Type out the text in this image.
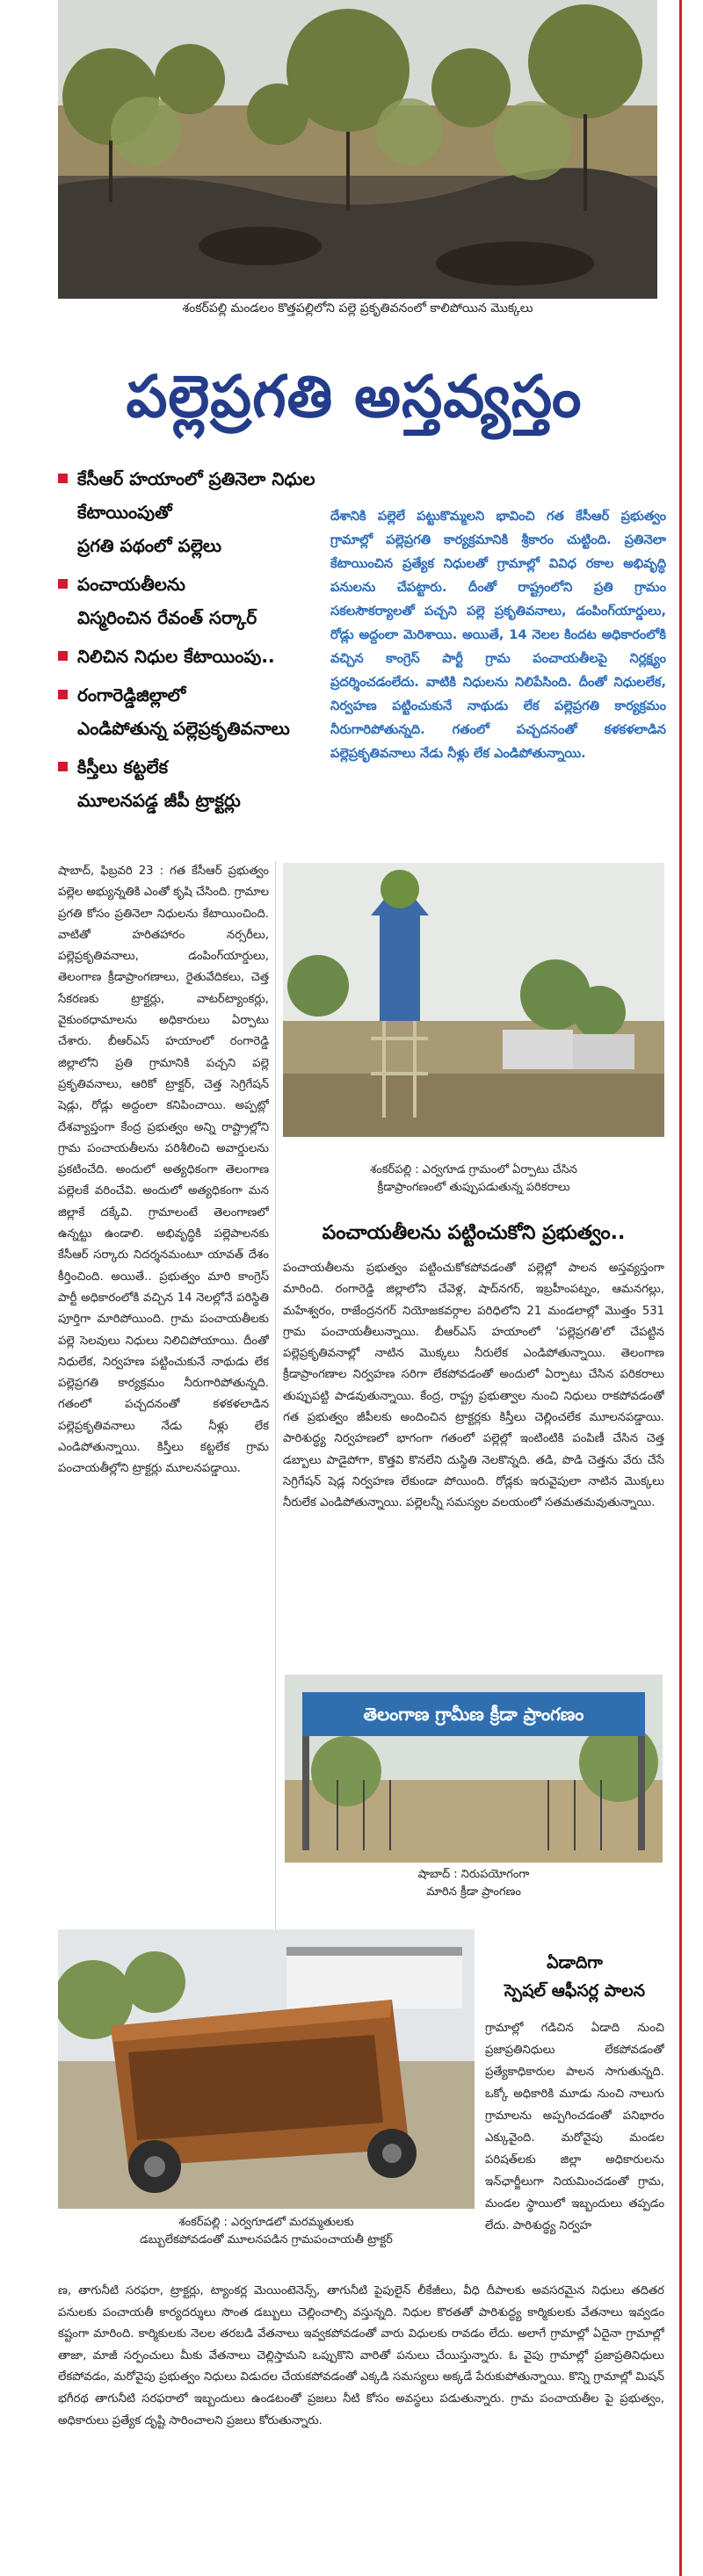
శంకర్‌పల్లి మండలం కొత్తపల్లిలోని పల్లె ప్రకృతివనంలో కాలిపోయిన మొక్కలు
పల్లెప్రగతి అస్తవ్యస్తం
కేసీఆర్ హయాంలో ప్రతినెలా నిధుల కేటాయింపుతో
ప్రగతి పథంలో పల్లెలు
పంచాయతీలను
విస్మరించిన రేవంత్ సర్కార్
నిలిచిన నిధుల కేటాయింపు..
రంగారెడ్డిజిల్లాలో
ఎండిపోతున్న పల్లెప్రకృతివనాలు
కిస్తీలు కట్టలేక
మూలనపడ్డ జీపీ ట్రాక్టర్లు
దేశానికి పల్లెలే పట్టుకొమ్మలని భావించి గత కేసీఆర్ ప్రభుత్వం గ్రామాల్లో పల్లెప్రగతి కార్యక్రమానికి శ్రీకారం చుట్టింది. ప్రతినెలా కేటాయించిన ప్రత్యేక నిధులతో గ్రామాల్లో వివిధ రకాల అభివృద్ధి పనులను చేపట్టారు. దీంతో రాష్ట్రంలోని ప్రతి గ్రామం సకలసౌకర్యాలతో పచ్చని పల్లె ప్రకృతివనాలు, డంపింగ్‌యార్డులు, రోడ్లు అద్దంలా మెరిశాయి. అయితే, 14 నెలల కిందట అధికారంలోకి వచ్చిన కాంగ్రెస్ పార్టీ గ్రామ పంచాయతీలపై నిర్లక్ష్యం ప్రదర్శించడంలేదు. వాటికి నిధులను నిలిపేసింది. దీంతో నిధులలేక, నిర్వహణ పట్టించుకునే నాథుడు లేక పల్లెప్రగతి కార్యక్రమం నీరుగారిపోతున్నది. గతంలో పచ్చదనంతో కళకళలాడిన పల్లెప్రకృతివనాలు నేడు నీళ్లు లేక ఎండిపోతున్నాయి.

షాబాద్, ఫిబ్రవరి 23 : గత కేసీఆర్ ప్రభుత్వం పల్లెల అభ్యున్నతికి ఎంతో కృషి చేసింది. గ్రామాల ప్రగతి కోసం ప్రతినెలా నిధులను కేటాయించింది. వాటితో హరితహారం నర్సరీలు, పల్లెప్రకృతివనాలు, డంపింగ్‌యార్డులు, తెలంగాణ క్రీడాప్రాంగణాలు, రైతువేదికలు, చెత్త సేకరణకు ట్రాక్టర్లు, వాటర్‌ట్యాంకర్లు, వైకుంఠధామాలను అధికారులు ఏర్పాటు చేశారు. బీఆర్‌ఎస్ హయాంలో రంగారెడ్డి జిల్లాలోని ప్రతి గ్రామానికి పచ్చని పల్లె ప్రకృతివనాలు, ఆరికో ట్రాక్టర్, చెత్త సెగ్రిగేషన్ షెడ్లు, రోడ్లు అద్దంలా కనిపించాయి. అప్పట్లో దేశవ్యాప్తంగా కేంద్ర ప్రభుత్వం అన్ని రాష్ట్రాల్లోని గ్రామ పంచాయతీలను పరిశీలించి అవార్డులను ప్రకటించేది. అందులో అత్యధికంగా తెలంగాణ పల్లెలకే వరించేవి. అందులో అత్యధికంగా మన జిల్లాకే దక్కేవి. గ్రామాలంటే తెలంగాణలో ఉన్నట్టు ఉండాలి. అభివృద్ధికి పల్లెపాలనకు కేసీఆర్ సర్కారు నిదర్శనమంటూ యావత్ దేశం కీర్తించింది. అయితే.. ప్రభుత్వం మారి కాంగ్రెస్ పార్టీ అధికారంలోకి వచ్చిన 14 నెలల్లోనే పరిస్థితి పూర్తిగా మారిపోయింది. గ్రామ పంచాయతీలకు పల్లె సెలవులు నిధులు నిలిచిపోయాయి. దీంతో నిధులేక, నిర్వహణ పట్టించుకునే నాథుడు లేక పల్లెప్రగతి కార్యక్రమం నీరుగారిపోతున్నది. గతంలో పచ్చదనంతో కళకళలాడిన పల్లెప్రకృతివనాలు నేడు నీళ్లు లేక ఎండిపోతున్నాయి. కిస్తీలు కట్టలేక గ్రామ పంచాయతీల్లోని ట్రాక్టర్లు మూలనపడ్డాయి.

శంకర్‌పల్లి : ఎర్వగూడ గ్రామంలో ఏర్పాటు చేసిన
క్రీడాప్రాంగణంలో తుప్పుపడుతున్న పరికరాలు
పంచాయతీలను పట్టించుకోని ప్రభుత్వం..

పంచాయతీలను ప్రభుత్వం పట్టించుకోకపోవడంతో పల్లెల్లో పాలన అస్తవ్యస్తంగా మారింది. రంగారెడ్డి జిల్లాలోని చేవెళ్ల, షాద్‌నగర్, ఇబ్రహీంపట్నం, ఆమనగల్లు, మహేశ్వరం, రాజేంద్రనగర్ నియోజకవర్గాల పరిధిలోని 21 మండలాల్లో మొత్తం 531 గ్రామ పంచాయతీలున్నాయి. బీఆర్‌ఎస్ హయాంలో 'పల్లెప్రగతి'లో చేపట్టిన పల్లెప్రకృతివనాల్లో నాటిన మొక్కలు నీరులేక ఎండిపోతున్నాయి. తెలంగాణ క్రీడాప్రాంగణాల నిర్వహణ సరిగా లేకపోవడంతో అందులో ఏర్పాటు చేసిన పరికరాలు తుప్పుపట్టి పాడవుతున్నాయి. కేంద్ర, రాష్ట్ర ప్రభుత్వాల నుంచి నిధులు రాకపోవడంతో గత ప్రభుత్వం జీపీలకు అందించిన ట్రాక్టర్లకు కిస్తీలు చెల్లించలేక మూలనపడ్డాయి. పారిశుద్ధ్య నిర్వహణలో భాగంగా గతంలో పల్లెల్లో ఇంటింటికి పంపిణీ చేసిన చెత్త డబ్బాలు పాడైపోగా, కొత్తవి కొనలేని దుస్థితి నెలకొన్నది. తడి, పొడి చెత్తను వేరు చేసే సెగ్రిగేషన్ షెడ్ల నిర్వహణ లేకుండా పోయింది. రోడ్లకు ఇరువైపులా నాటిన మొక్కలు నీరులేక ఎండిపోతున్నాయి. పల్లెలన్నీ సమస్యల వలయంలో సతమతమవుతున్నాయి.

తెలంగాణ గ్రామీణ క్రీడా ప్రాంగణం
షాబాద్ : నిరుపయోగంగా
మారిన క్రీడా ప్రాంగణం
శంకర్‌పల్లి : ఎర్వగూడలో మరమ్మతులకు
డబ్బులేకపోవడంతో మూలనపడిన గ్రామపంచాయతీ ట్రాక్టర్
ఏడాదిగా
స్పెషల్ ఆఫీసర్ల పాలన

గ్రామాల్లో గడిచిన ఏడాది నుంచి ప్రజాప్రతినిధులు లేకపోవడంతో ప్రత్యేకాధికారుల పాలన సాగుతున్నది. ఒక్కో అధికారికి మూడు నుంచి నాలుగు గ్రామాలను అప్పగించడంతో పనిభారం ఎక్కువైంది. మరోవైపు మండల పరిషత్‌లకు జిల్లా అధికారులను ఇన్‌ఛార్జీలుగా నియమించడంతో గ్రామ, మండల స్థాయిలో ఇబ్బందులు తప్పడం లేదు. పారిశుద్ధ్య నిర్వహ

ణ, తాగునీటి సరఫరా, ట్రాక్టర్లు, ట్యాంకర్ల మెయింటెనెన్స్, తాగునీటి పైపులైన్ లీకేజీలు, వీధి దీపాలకు అవసరమైన నిధులు తదితర పనులకు పంచాయతీ కార్యదర్శులు సొంత డబ్బులు చెల్లించాల్సి వస్తున్నది. నిధుల కొరతతో పారిశుద్ధ్య కార్మికులకు వేతనాలు ఇవ్వడం కష్టంగా మారింది. కార్మికులకు నెలల తరబడి వేతనాలు ఇవ్వకపోవడంతో వారు విధులకు రావడం లేదు. అలాగే గ్రామాల్లో ఏదైనా గ్రామాల్లో తాజా, మాజీ సర్పంచులు మీకు వేతనాలు చెల్లిస్తామని ఒప్పుకొని వారితో పనులు చేయిస్తున్నారు. ఓ వైపు గ్రామాల్లో ప్రజాప్రతినిధులు లేకపోవడం, మరోవైపు ప్రభుత్వం నిధులు విడుదల చేయకపోవడంతో ఎక్కడి సమస్యలు అక్కడే పేరుకుపోతున్నాయి. కొన్ని గ్రామాల్లో మిషన్ భగీరథ తాగునీటి సరఫరాలో ఇబ్బందులు ఉండటంతో ప్రజలు నీటి కోసం అవస్థలు పడుతున్నారు. గ్రామ పంచాయతీల పై ప్రభుత్వం, అధికారులు ప్రత్యేక దృష్టి సారించాలని ప్రజలు కోరుతున్నారు.
